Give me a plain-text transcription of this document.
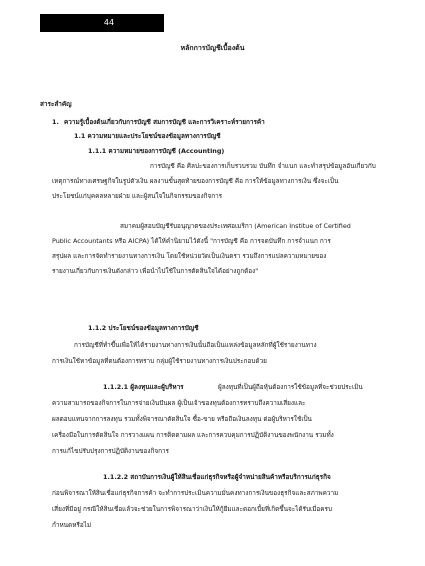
44
หลักการบัญชีเบื้องต้น
สาระสำคัญ
1. ความรู้เบื้องต้นเกี่ยวกับการบัญชี สมการบัญชี และการวิเคราะห์รายการค้า
1.1 ความหมายและประโยชน์ของข้อมูลทางการบัญชี
1.1.1 ความหมายของการบัญชี (Accounting)
การบัญชี คือ ศิลปะของการเก็บรวบรวม บันทึก จำแนก และทำสรุปข้อมูลอันเกี่ยวกับ
เหตุการณ์ทางเศรษฐกิจในรูปตัวเงิน ผลงานขั้นสุดท้ายของการบัญชี คือ การให้ข้อมูลทางการเงิน ซึ่งจะเป็น
ประโยชน์แก่บุคคลหลายฝ่าย และผู้สนใจในกิจกรรมของกิจการ
สมาคมผู้สอบบัญชีรับอนุญาตของประเทศอเมริกา (American Institue of Certified
Public Accountants หรือ AICPA) ได้ให้คำนิยามไว้ดังนี้ "การบัญชี คือ การจดบันทึก การจำแนก การ
สรุปผล และการจัดทำรายงานทางการเงิน โดยใช้หน่วยวัดเป็นเงินตรา รวมถึงการแปลความหมายของ
รายงานเกี่ยวกับการเงินดังกล่าว เพื่อนำไปใช้ในการตัดสินใจได้อย่างถูกต้อง"
1.1.2 ประโยชน์ของข้อมูลทางการบัญชี
การบัญชีที่ทำขึ้นเพื่อให้ได้รายงานทางการเงินนั้นถือเป็นแหล่งข้อมูลหลักที่ผู้ใช้รายงานทาง
การเงินใช้หาข้อมูลที่ตนต้องการทราบ กลุ่มผู้ใช้รายงานทางการเงินประกอบด้วย
1.1.2.1 ผู้ลงทุนและผู้บริหาร	ผู้ลงทุนที่เป็นผู้ถือหุ้นต้องการใช้ข้อมูลที่จะช่วยประเมิน
ความสามารถของกิจการในการจ่ายเงินปันผล ผู้เป็นเจ้าของทุนต้องการทราบถึงความเสี่ยงและ
ผลตอบแทนจากการลงทุน รวมทั้งพิจารณาตัดสินใจ ซื้อ-ขาย หรือถือเงินลงทุน ต่อผู้บริหารใช้เป็น
เครื่องมือในการตัดสินใจ การวางแผน การติดตามผล และการควบคุมการปฏิบัติงานของพนักงาน รวมทั้ง
การแก้ไขปรับปรุงการปฏิบัติงานของกิจการ
1.1.2.2 สถาบันการเงินผู้ให้สินเชื่อแก่ธุรกิจหรือผู้จำหน่ายสินค้าหรือบริการแก่ธุรกิจ
ก่อนพิจารณาให้สินเชื่อแก่ธุรกิจการค้า จะทำการประเมินความมั่นคงทางการเงินของธุรกิจและสภาพความ
เสี่ยงที่มีอยู่ กรณีให้สินเชื่อแล้วจะช่วยในการพิจารณาว่าเงินให้กู้ยืมและดอกเบี้ยที่เกิดขึ้นจะได้รับเมื่อครบ
กำหนดหรือไม่
